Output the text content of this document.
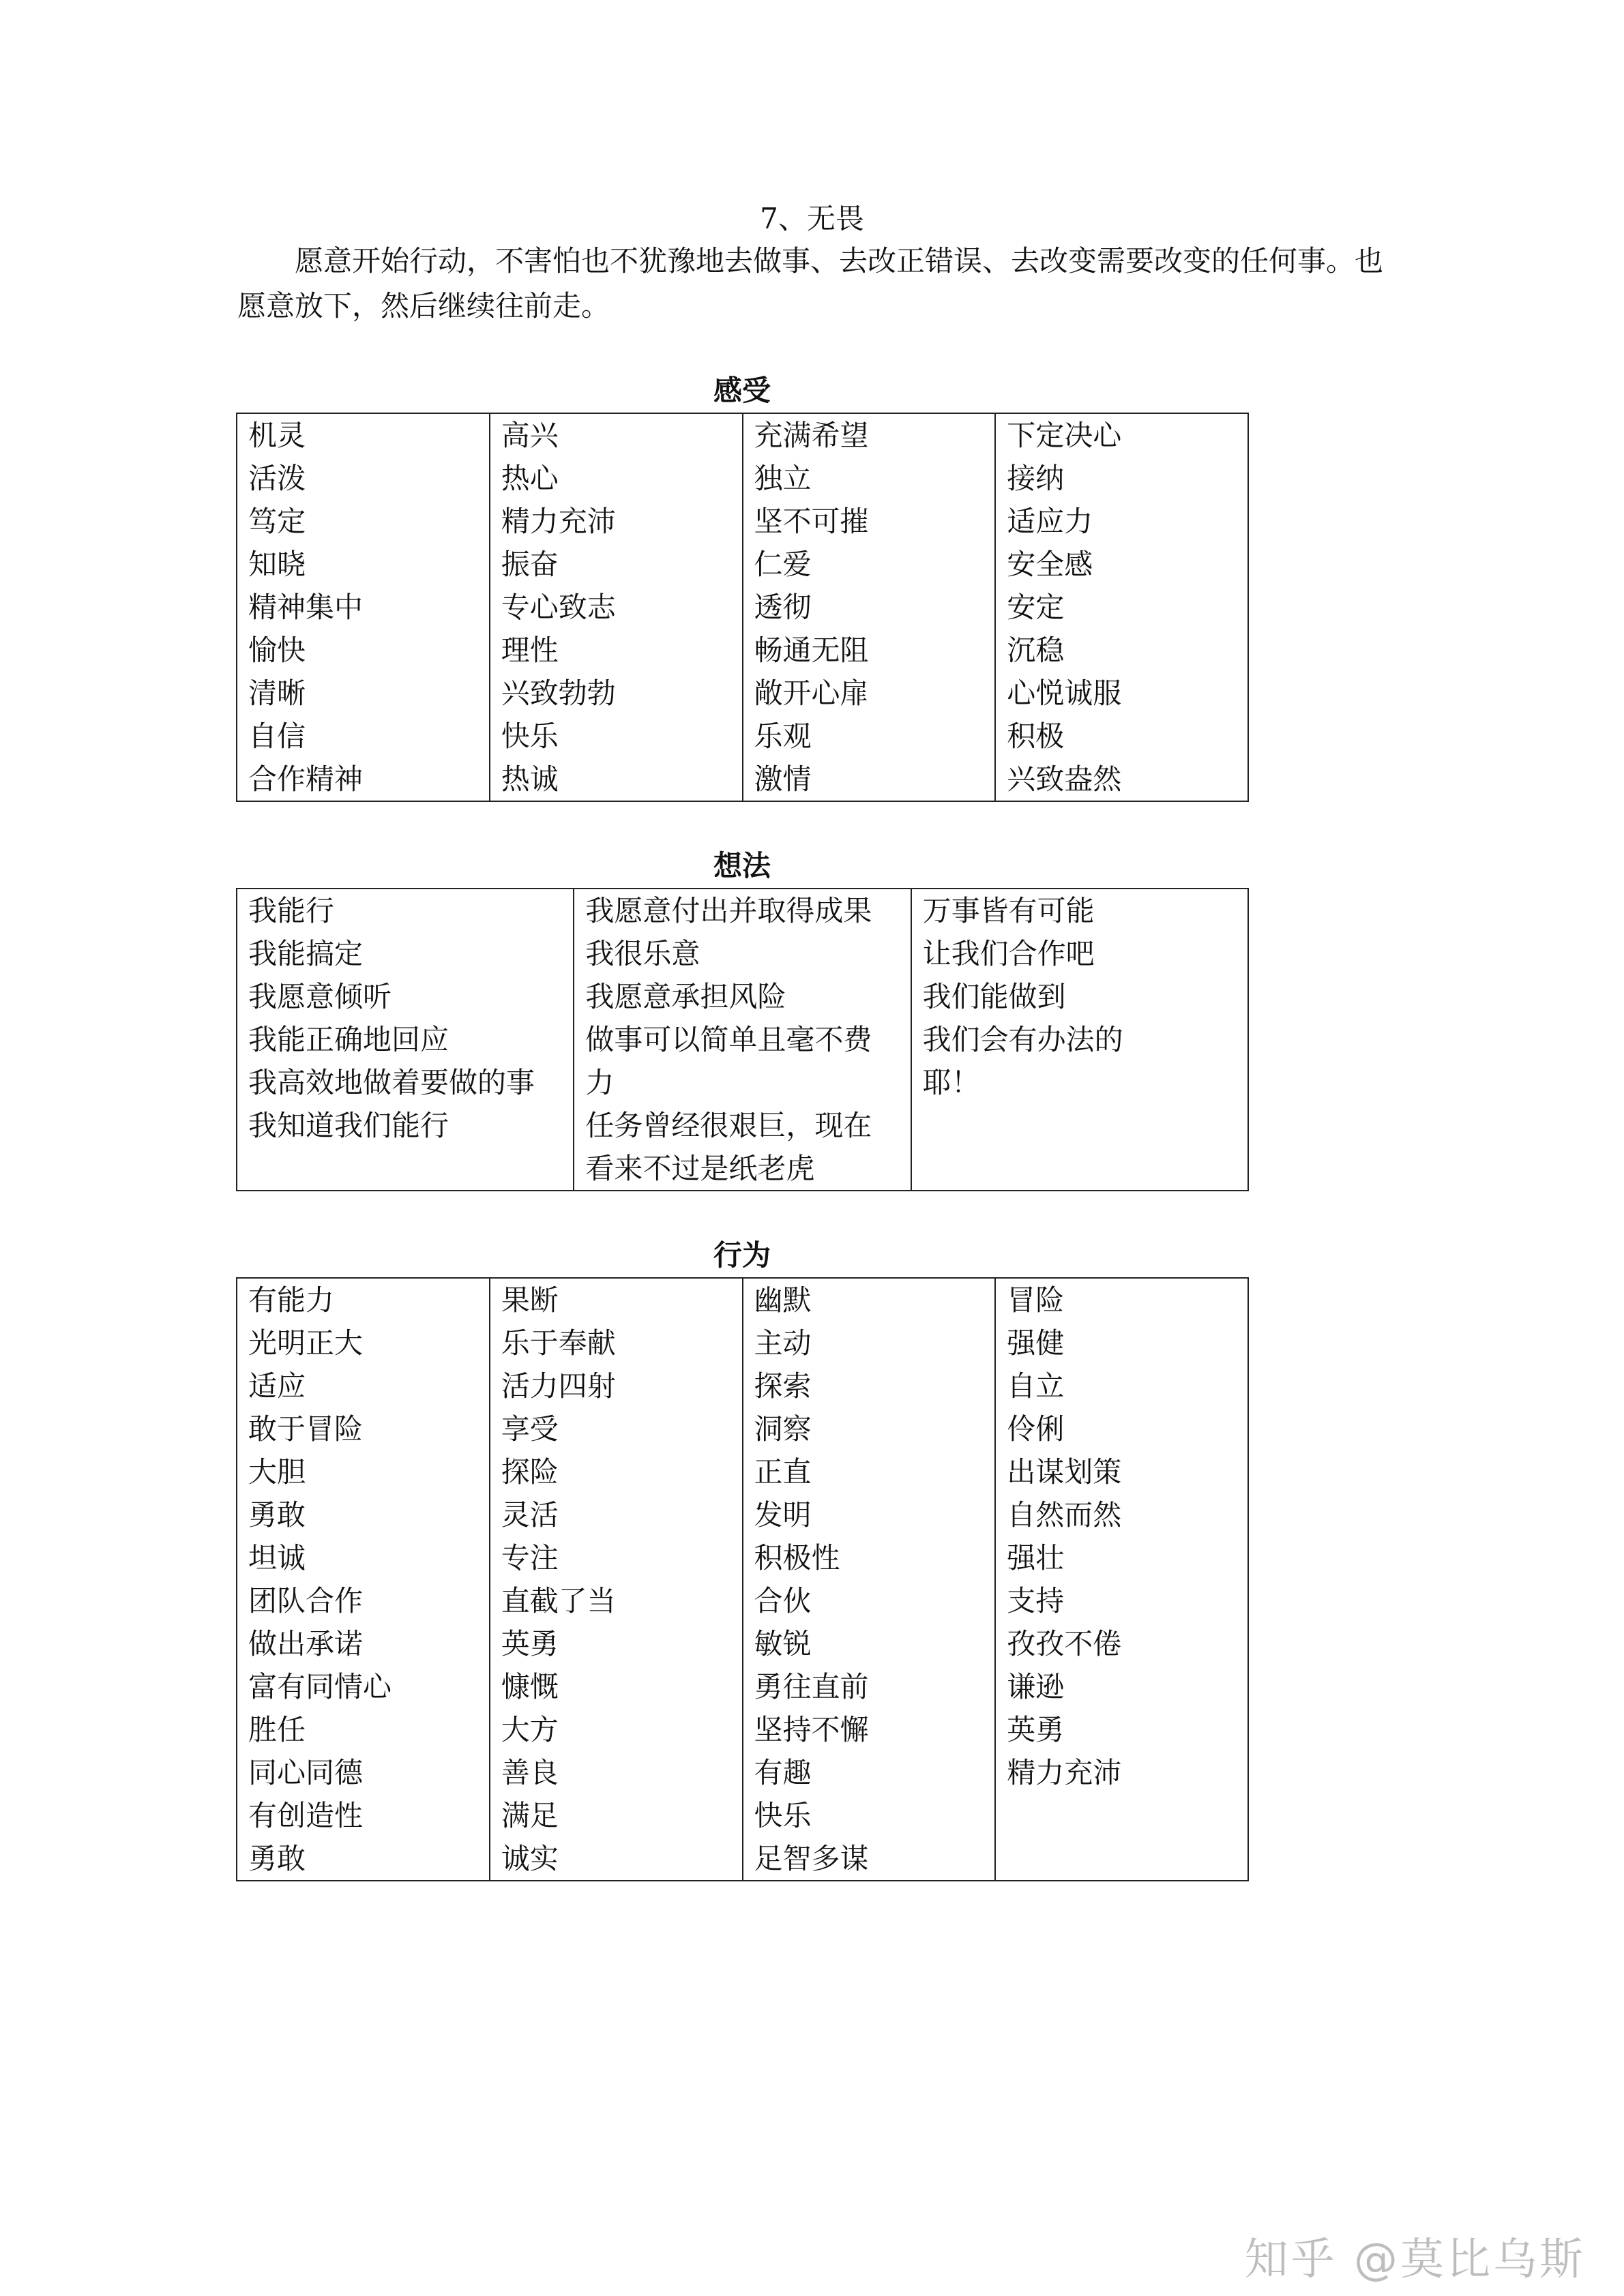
7、无畏
愿意开始行动，不害怕也不犹豫地去做事、去改正错误、去改变需要改变的任何事。也愿意放下，然后继续往前走。
感受
机灵
活泼
笃定
知晓
精神集中
愉快
清晰
自信
合作精神

高兴
热心
精力充沛
振奋
专心致志
理性
兴致勃勃
快乐
热诚

充满希望
独立
坚不可摧
仁爱
透彻
畅通无阻
敞开心扉
乐观
激情

下定决心
接纳
适应力
安全感
安定
沉稳
心悦诚服
积极
兴致盎然
想法
我能行
我能搞定
我愿意倾听
我能正确地回应
我高效地做着要做的事
我知道我们能行

我愿意付出并取得成果
我很乐意
我愿意承担风险
做事可以简单且毫不费
力
任务曾经很艰巨，现在
看来不过是纸老虎

万事皆有可能
让我们合作吧
我们能做到
我们会有办法的
耶！
行为
有能力
光明正大
适应
敢于冒险
大胆
勇敢
坦诚
团队合作
做出承诺
富有同情心
胜任
同心同德
有创造性
勇敢

果断
乐于奉献
活力四射
享受
探险
灵活
专注
直截了当
英勇
慷慨
大方
善良
满足
诚实

幽默
主动
探索
洞察
正直
发明
积极性
合伙
敏锐
勇往直前
坚持不懈
有趣
快乐
足智多谋

冒险
强健
自立
伶俐
出谋划策
自然而然
强壮
支持
孜孜不倦
谦逊
英勇
精力充沛
知乎 @莫比乌斯
